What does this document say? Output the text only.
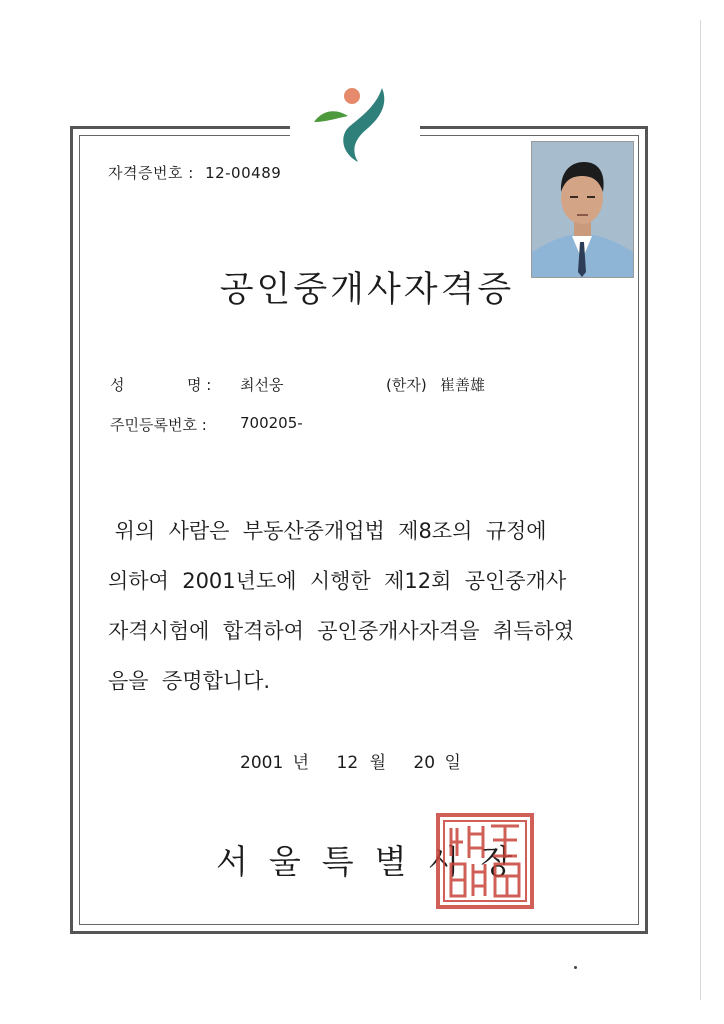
자격증번호 : 12-00489
공인중개사자격증
성	명 : 최선웅	(한자) 崔善雄
주민등록번호 : 700205-
위의  사람은  부동산중개업법  제8조의  규정에
의하여  2001년도에  시행한  제12회  공인중개사
자격시험에  합격하여  공인중개사자격을  취득하였
음을  증명합니다.
2001 년 12 월 20 일
서울특별시장
